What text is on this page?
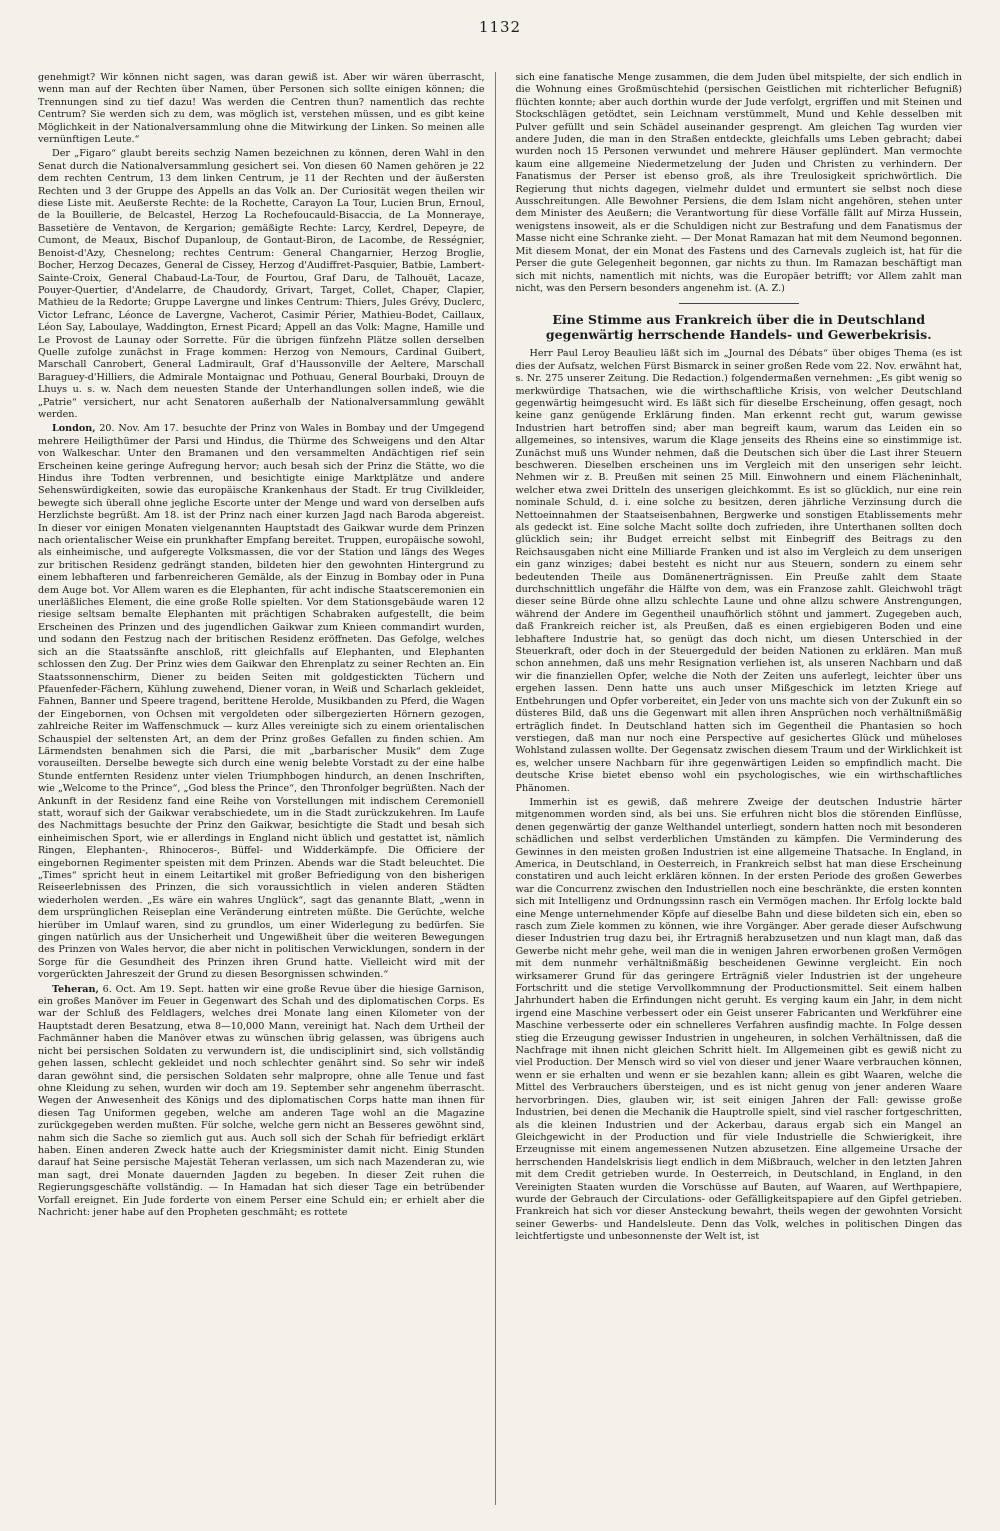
1132

genehmigt? Wir können nicht sagen, was daran gewiß ist. Aber wir wären überrascht, wenn man auf der Rechten über Namen, über Personen sich sollte einigen können; die Trennungen sind zu tief dazu! Was werden die Centren thun? namentlich das rechte Centrum? Sie werden sich zu dem, was möglich ist, verstehen müssen, und es gibt keine Möglichkeit in der Nationalversammlung ohne die Mitwirkung der Linken. So meinen alle vernünftigen Leute.“

Der „Figaro“ glaubt bereits sechzig Namen bezeichnen zu können, deren Wahl in den Senat durch die Nationalversammlung gesichert sei. Von diesen 60 Namen gehören je 22 dem rechten Centrum, 13 dem linken Centrum, je 11 der Rechten und der äußersten Rechten und 3 der Gruppe des Appells an das Volk an. Der Curiosität wegen theilen wir diese Liste mit. Aeußerste Rechte: de la Rochette, Carayon La Tour, Lucien Brun, Ernoul, de la Bouillerie, de Belcastel, Herzog La Rochefoucauld-Bisaccia, de La Monneraye, Bassetière de Ventavon, de Kergarion; gemäßigte Rechte: Larcy, Kerdrel, Depeyre, de Cumont, de Meaux, Bischof Dupanloup, de Gontaut-Biron, de Lacombe, de Rességnier, Benoist-d'Azy, Chesnelong; rechtes Centrum: General Changarnier, Herzog Broglie, Bocher, Herzog Decazes, General de Cissey, Herzog d'Audiffret-Pasquier, Batbie, Lambert-Sainte-Croix, General Chabaud-La-Tour, de Fourtou, Graf Daru, de Talhouët, Lacaze, Pouyer-Quertier, d'Andelarre, de Chaudordy, Grivart, Target, Collet, Chaper, Clapier, Mathieu de la Redorte; Gruppe Lavergne und linkes Centrum: Thiers, Jules Grévy, Duclerc, Victor Lefranc, Léonce de Lavergne, Vacherot, Casimir Périer, Mathieu-Bodet, Caillaux, Léon Say, Laboulaye, Waddington, Ernest Picard; Appell an das Volk: Magne, Hamille und Le Provost de Launay oder Sorrette. Für die übrigen fünfzehn Plätze sollen derselben Quelle zufolge zunächst in Frage kommen: Herzog von Nemours, Cardinal Guibert, Marschall Canrobert, General Ladmirault, Graf d'Haussonville der Aeltere, Marschall Baraguey-d'Hilliers, die Admirale Montaignac und Pothuau, General Bourbaki, Drouyn de Lhuys u. s. w. Nach dem neuesten Stande der Unterhandlungen sollen indeß, wie die „Patrie“ versichert, nur acht Senatoren außerhalb der Nationalversammlung gewählt werden.

London, 20. Nov. Am 17. besuchte der Prinz von Wales in Bombay und der Umgegend mehrere Heiligthümer der Parsi und Hindus, die Thürme des Schweigens und den Altar von Walkeschar. Unter den Bramanen und den versammelten Andächtigen rief sein Erscheinen keine geringe Aufregung hervor; auch besah sich der Prinz die Stätte, wo die Hindus ihre Todten verbrennen, und besichtigte einige Marktplätze und andere Sehenswürdigkeiten, sowie das europäische Krankenhaus der Stadt. Er trug Civilkleider, bewegte sich überall ohne jegliche Escorte unter der Menge und ward von derselben aufs Herzlichste begrüßt. Am 18. ist der Prinz nach einer kurzen Jagd nach Baroda abgereist. In dieser vor einigen Monaten vielgenannten Hauptstadt des Gaikwar wurde dem Prinzen nach orientalischer Weise ein prunkhafter Empfang bereitet. Truppen, europäische sowohl, als einheimische, und aufgeregte Volksmassen, die vor der Station und längs des Weges zur britischen Residenz gedrängt standen, bildeten hier den gewohnten Hintergrund zu einem lebhafteren und farbenreicheren Gemälde, als der Einzug in Bombay oder in Puna dem Auge bot. Vor Allem waren es die Elephanten, für acht indische Staatsceremonien ein unerläßliches Element, die eine große Rolle spielten. Vor dem Stationsgebäude waren 12 riesige seltsam bemalte Elephanten mit prächtigen Schabraken aufgestellt, die beim Erscheinen des Prinzen und des jugendlichen Gaikwar zum Knieen commandirt wurden, und sodann den Festzug nach der britischen Residenz eröffneten. Das Gefolge, welches sich an die Staatssänfte anschloß, ritt gleichfalls auf Elephanten, und Elephanten schlossen den Zug. Der Prinz wies dem Gaikwar den Ehrenplatz zu seiner Rechten an. Ein Staatssonnenschirm, Diener zu beiden Seiten mit goldgestickten Tüchern und Pfauenfeder-Fächern, Kühlung zuwehend, Diener voran, in Weiß und Scharlach gekleidet, Fahnen, Banner und Speere tragend, berittene Herolde, Musikbanden zu Pferd, die Wagen der Eingebornen, von Ochsen mit vergoldeten oder silbergezierten Hörnern gezogen, zahlreiche Reiter im Waffenschmuck — kurz Alles vereinigte sich zu einem orientalischen Schauspiel der seltensten Art, an dem der Prinz großes Gefallen zu finden schien. Am Lärmendsten benahmen sich die Parsi, die mit „barbarischer Musik“ dem Zuge vorauseilten. Derselbe bewegte sich durch eine wenig belebte Vorstadt zu der eine halbe Stunde entfernten Residenz unter vielen Triumphbogen hindurch, an denen Inschriften, wie „Welcome to the Prince“, „God bless the Prince“, den Thronfolger begrüßten. Nach der Ankunft in der Residenz fand eine Reihe von Vorstellungen mit indischem Ceremoniell statt, worauf sich der Gaikwar verabschiedete, um in die Stadt zurückzukehren. Im Laufe des Nachmittags besuchte der Prinz den Gaikwar, besichtigte die Stadt und besah sich einheimischen Sport, wie er allerdings in England nicht üblich und gestattet ist, nämlich Ringen, Elephanten-, Rhinoceros-, Büffel- und Widderkämpfe. Die Officiere der eingebornen Regimenter speisten mit dem Prinzen. Abends war die Stadt beleuchtet. Die „Times“ spricht heut in einem Leitartikel mit großer Befriedigung von den bisherigen Reiseerlebnissen des Prinzen, die sich voraussichtlich in vielen anderen Städten wiederholen werden. „Es wäre ein wahres Unglück“, sagt das genannte Blatt, „wenn in dem ursprünglichen Reiseplan eine Veränderung eintreten müßte. Die Gerüchte, welche hierüber im Umlauf waren, sind zu grundlos, um einer Widerlegung zu bedürfen. Sie gingen natürlich aus der Unsicherheit und Ungewißheit über die weiteren Bewegungen des Prinzen von Wales hervor, die aber nicht in politischen Verwicklungen, sondern in der Sorge für die Gesundheit des Prinzen ihren Grund hatte. Vielleicht wird mit der vorgerückten Jahreszeit der Grund zu diesen Besorgnissen schwinden.“

Teheran, 6. Oct. Am 19. Sept. hatten wir eine große Revue über die hiesige Garnison, ein großes Manöver im Feuer in Gegenwart des Schah und des diplomatischen Corps. Es war der Schluß des Feldlagers, welches drei Monate lang einen Kilometer von der Hauptstadt deren Besatzung, etwa 8—10,000 Mann, vereinigt hat. Nach dem Urtheil der Fachmänner haben die Manöver etwas zu wünschen übrig gelassen, was übrigens auch nicht bei persischen Soldaten zu verwundern ist, die undisciplinirt sind, sich vollständig gehen lassen, schlecht gekleidet und noch schlechter genährt sind. So sehr wir indeß daran gewöhnt sind, die persischen Soldaten sehr malpropre, ohne alle Tenue und fast ohne Kleidung zu sehen, wurden wir doch am 19. September sehr angenehm überrascht. Wegen der Anwesenheit des Königs und des diplomatischen Corps hatte man ihnen für diesen Tag Uniformen gegeben, welche am anderen Tage wohl an die Magazine zurückgegeben werden mußten. Für solche, welche gern nicht an Besseres gewöhnt sind, nahm sich die Sache so ziemlich gut aus. Auch soll sich der Schah für befriedigt erklärt haben. Einen anderen Zweck hatte auch der Kriegsminister damit nicht. Einig Stunden darauf hat Seine persische Majestät Teheran verlassen, um sich nach Mazenderan zu, wie man sagt, drei Monate dauernden Jagden zu begeben. In dieser Zeit ruhen die Regierungsgeschäfte vollständig. — In Hamadan hat sich dieser Tage ein betrübender Vorfall ereignet. Ein Jude forderte von einem Perser eine Schuld ein; er erhielt aber die Nachricht: jener habe auf den Propheten geschmäht; es rottete

sich eine fanatische Menge zusammen, die dem Juden übel mitspielte, der sich endlich in die Wohnung eines Großmüschtehid (persischen Geistlichen mit richterlicher Befugniß) flüchten konnte; aber auch dorthin wurde der Jude verfolgt, ergriffen und mit Steinen und Stockschlägen getödtet, sein Leichnam verstümmelt, Mund und Kehle desselben mit Pulver gefüllt und sein Schädel auseinander gesprengt. Am gleichen Tag wurden vier andere Juden, die man in den Straßen entdeckte, gleichfalls ums Leben gebracht; dabei wurden noch 15 Personen verwundet und mehrere Häuser geplündert. Man vermochte kaum eine allgemeine Niedermetzelung der Juden und Christen zu verhindern. Der Fanatismus der Perser ist ebenso groß, als ihre Treulosigkeit sprichwörtlich. Die Regierung thut nichts dagegen, vielmehr duldet und ermuntert sie selbst noch diese Ausschreitungen. Alle Bewohner Persiens, die dem Islam nicht angehören, stehen unter dem Minister des Aeußern; die Verantwortung für diese Vorfälle fällt auf Mirza Hussein, wenigstens insoweit, als er die Schuldigen nicht zur Bestrafung und dem Fanatismus der Masse nicht eine Schranke zieht. — Der Monat Ramazan hat mit dem Neumond begonnen. Mit diesem Monat, der ein Monat des Fastens und des Carnevals zugleich ist, hat für die Perser die gute Gelegenheit begonnen, gar nichts zu thun. Im Ramazan beschäftigt man sich mit nichts, namentlich mit nichts, was die Europäer betrifft; vor Allem zahlt man nicht, was den Persern besonders angenehm ist. (A. Z.)

Eine Stimme aus Frankreich über die in Deutschland gegenwärtig herrschende Handels- und Gewerbekrisis.

Herr Paul Leroy Beaulieu läßt sich im „Journal des Débats“ über obiges Thema (es ist dies der Aufsatz, welchen Fürst Bismarck in seiner großen Rede vom 22. Nov. erwähnt hat, s. Nr. 275 unserer Zeitung. Die Redaction.) folgendermaßen vernehmen: „Es gibt wenig so merkwürdige Thatsachen, wie die wirthschaftliche Krisis, von welcher Deutschland gegenwärtig heimgesucht wird. Es läßt sich für dieselbe Erscheinung, offen gesagt, noch keine ganz genügende Erklärung finden. Man erkennt recht gut, warum gewisse Industrien hart betroffen sind; aber man begreift kaum, warum das Leiden ein so allgemeines, so intensives, warum die Klage jenseits des Rheins eine so einstimmige ist. Zunächst muß uns Wunder nehmen, daß die Deutschen sich über die Last ihrer Steuern beschweren. Dieselben erscheinen uns im Vergleich mit den unserigen sehr leicht. Nehmen wir z. B. Preußen mit seinen 25 Mill. Einwohnern und einem Flächeninhalt, welcher etwa zwei Dritteln des unserigen gleichkommt. Es ist so glücklich, nur eine rein nominale Schuld, d. i. eine solche zu besitzen, deren jährliche Verzinsung durch die Nettoeinnahmen der Staatseisenbahnen, Bergwerke und sonstigen Etablissements mehr als gedeckt ist. Eine solche Macht sollte doch zufrieden, ihre Unterthanen sollten doch glücklich sein; ihr Budget erreicht selbst mit Einbegriff des Beitrags zu den Reichsausgaben nicht eine Milliarde Franken und ist also im Vergleich zu dem unserigen ein ganz winziges; dabei besteht es nicht nur aus Steuern, sondern zu einem sehr bedeutenden Theile aus Domänenerträgnissen. Ein Preuße zahlt dem Staate durchschnittlich ungefähr die Hälfte von dem, was ein Franzose zahlt. Gleichwohl trägt dieser seine Bürde ohne allzu schlechte Laune und ohne allzu schwere Anstrengungen, während der Andere im Gegentheil unaufhörlich stöhnt und jammert. Zugegeben auch, daß Frankreich reicher ist, als Preußen, daß es einen ergiebigeren Boden und eine lebhaftere Industrie hat, so genügt das doch nicht, um diesen Unterschied in der Steuerkraft, oder doch in der Steuergeduld der beiden Nationen zu erklären. Man muß schon annehmen, daß uns mehr Resignation verliehen ist, als unseren Nachbarn und daß wir die finanziellen Opfer, welche die Noth der Zeiten uns auferlegt, leichter über uns ergehen lassen. Denn hatte uns auch unser Mißgeschick im letzten Kriege auf Entbehrungen und Opfer vorbereitet, ein Jeder von uns machte sich von der Zukunft ein so düsteres Bild, daß uns die Gegenwart mit allen ihren Ansprüchen noch verhältnißmäßig erträglich findet. In Deutschland hatten sich im Gegentheil die Phantasien so hoch verstiegen, daß man nur noch eine Perspective auf gesichertes Glück und müheloses Wohlstand zulassen wollte. Der Gegensatz zwischen diesem Traum und der Wirklichkeit ist es, welcher unsere Nachbarn für ihre gegenwärtigen Leiden so empfindlich macht. Die deutsche Krise bietet ebenso wohl ein psychologisches, wie ein wirthschaftliches Phänomen.

Immerhin ist es gewiß, daß mehrere Zweige der deutschen Industrie härter mitgenommen worden sind, als bei uns. Sie erfuhren nicht blos die störenden Einflüsse, denen gegenwärtig der ganze Welthandel unterliegt, sondern hatten noch mit besonderen schädlichen und selbst verderblichen Umständen zu kämpfen. Die Verminderung des Gewinnes in den meisten großen Industrien ist eine allgemeine Thatsache. In England, in America, in Deutschland, in Oesterreich, in Frankreich selbst hat man diese Erscheinung constatiren und auch leicht erklären können. In der ersten Periode des großen Gewerbes war die Concurrenz zwischen den Industriellen noch eine beschränkte, die ersten konnten sich mit Intelligenz und Ordnungssinn rasch ein Vermögen machen. Ihr Erfolg lockte bald eine Menge unternehmender Köpfe auf dieselbe Bahn und diese bildeten sich ein, eben so rasch zum Ziele kommen zu können, wie ihre Vorgänger. Aber gerade dieser Aufschwung dieser Industrien trug dazu bei, ihr Ertragniß herabzusetzen und nun klagt man, daß das Gewerbe nicht mehr gehe, weil man die in wenigen Jahren erworbenen großen Vermögen mit dem nunmehr verhältnißmäßig bescheidenen Gewinne vergleicht. Ein noch wirksamerer Grund für das geringere Erträgniß vieler Industrien ist der ungeheure Fortschritt und die stetige Vervollkommnung der Productionsmittel. Seit einem halben Jahrhundert haben die Erfindungen nicht geruht. Es verging kaum ein Jahr, in dem nicht irgend eine Maschine verbessert oder ein Geist unserer Fabricanten und Werkführer eine Maschine verbesserte oder ein schnelleres Verfahren ausfindig machte. In Folge dessen stieg die Erzeugung gewisser Industrien in ungeheuren, in solchen Verhältnissen, daß die Nachfrage mit ihnen nicht gleichen Schritt hielt. Im Allgemeinen gibt es gewiß nicht zu viel Production. Der Mensch wird so viel von dieser und jener Waare verbrauchen können, wenn er sie erhalten und wenn er sie bezahlen kann; allein es gibt Waaren, welche die Mittel des Verbrauchers übersteigen, und es ist nicht genug von jener anderen Waare hervorbringen. Dies, glauben wir, ist seit einigen Jahren der Fall: gewisse große Industrien, bei denen die Mechanik die Hauptrolle spielt, sind viel rascher fortgeschritten, als die kleinen Industrien und der Ackerbau, daraus ergab sich ein Mangel an Gleichgewicht in der Production und für viele Industrielle die Schwierigkeit, ihre Erzeugnisse mit einem angemessenen Nutzen abzusetzen. Eine allgemeine Ursache der herrschenden Handelskrisis liegt endlich in dem Mißbrauch, welcher in den letzten Jahren mit dem Credit getrieben wurde. In Oesterreich, in Deutschland, in England, in den Vereinigten Staaten wurden die Vorschüsse auf Bauten, auf Waaren, auf Werthpapiere, wurde der Gebrauch der Circulations- oder Gefälligkeitspapiere auf den Gipfel getrieben. Frankreich hat sich vor dieser Ansteckung bewahrt, theils wegen der gewohnten Vorsicht seiner Gewerbs- und Handelsleute. Denn das Volk, welches in politischen Dingen das leichtfertigste und unbesonnenste der Welt ist, ist
